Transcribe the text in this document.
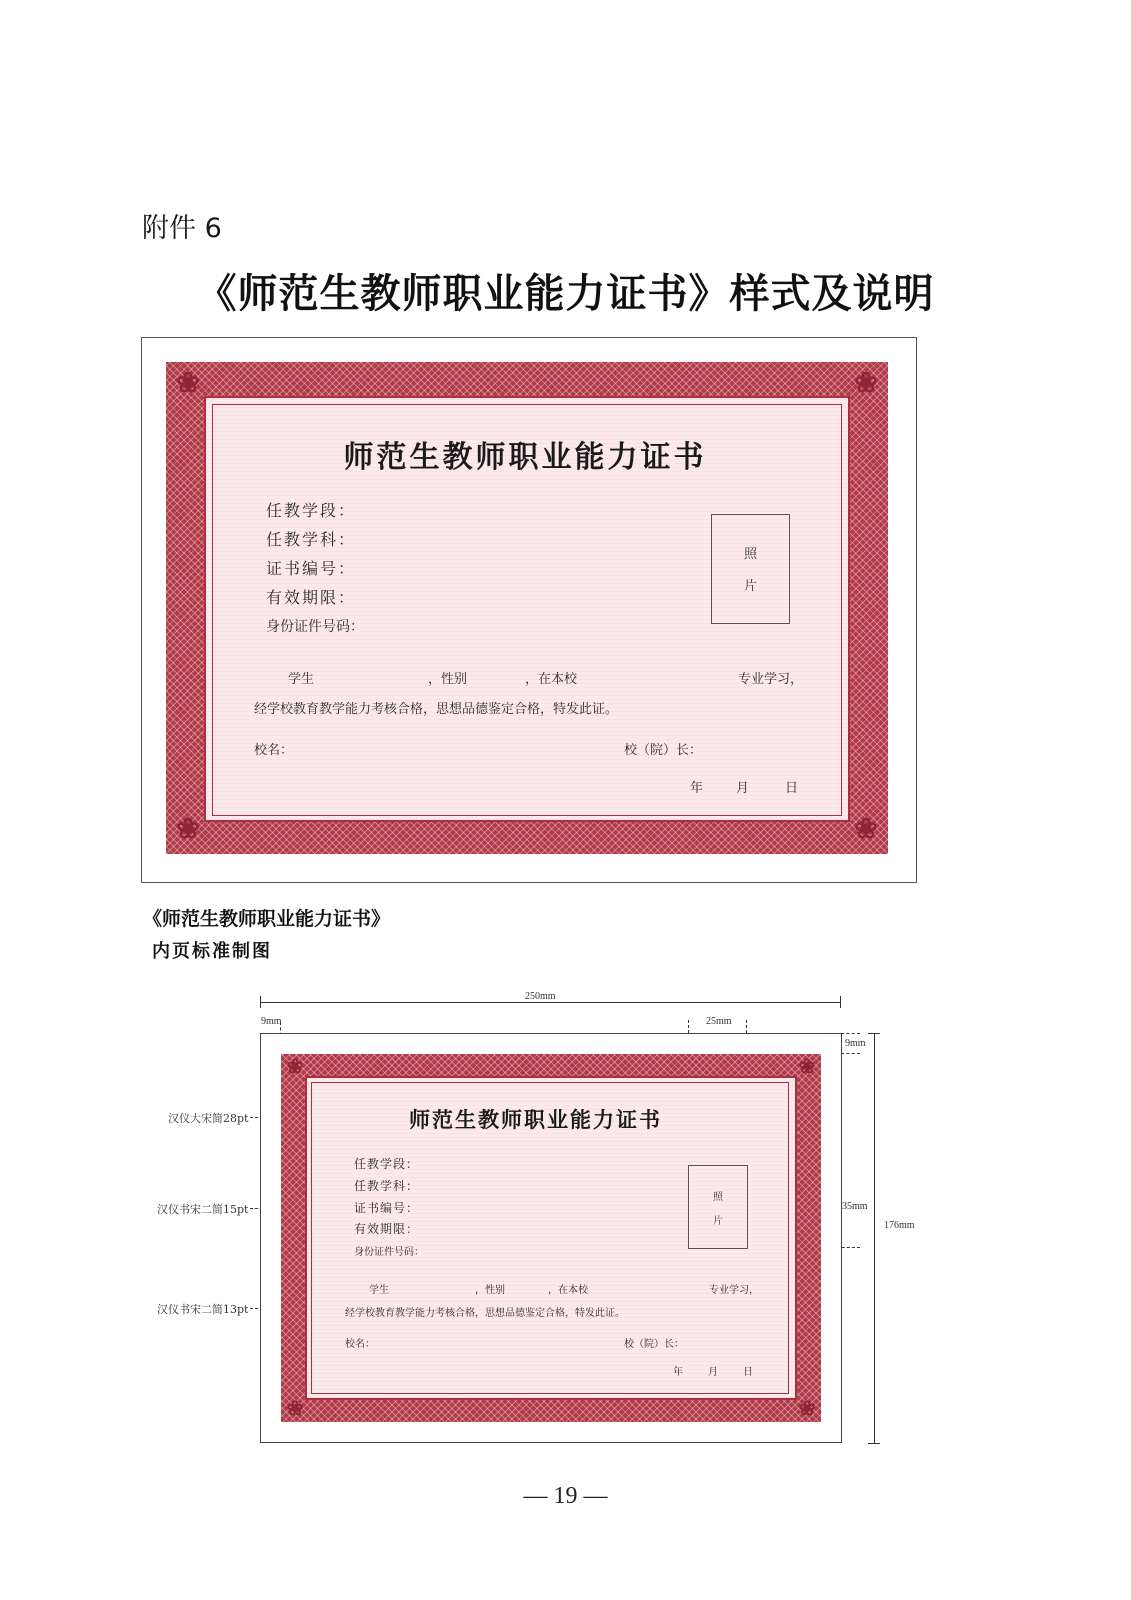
附件 6
《师范生教师职业能力证书》样式及说明
❀	❀
❀	❀
师范生教师职业能力证书
任教学段：
任教学科：
证书编号：
有效期限：
身份证件号码：
照
片
学生	，性别	，在本校	专业学习，
经学校教育教学能力考核合格，思想品德鉴定合格，特发此证。
校名：	校（院）长：
年	月	日
《师范生教师职业能力证书》
内页标准制图
250mm
9mm	25mm
9mm
35mm
176mm
汉仪大宋简28pt
汉仪书宋二简15pt
汉仪书宋二简13pt
❀	❀
❀	❀
师范生教师职业能力证书
任教学段：
任教学科：
证书编号：
有效期限：
身份证件号码：
照
片
学生	，性别	，在本校	专业学习，
经学校教育教学能力考核合格，思想品德鉴定合格，特发此证。
校名：	校（院）长：
年	月	日
— 19 —
